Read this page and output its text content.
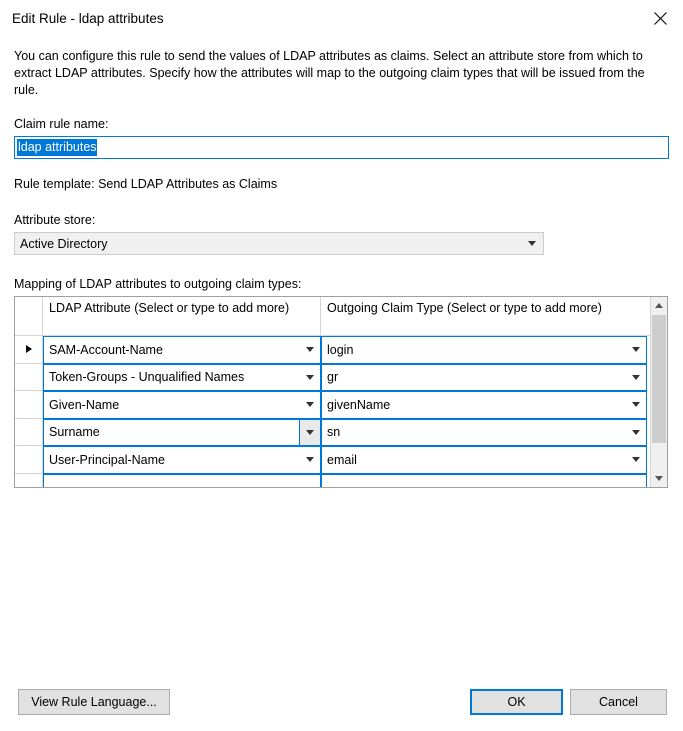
Edit Rule - ldap attributes

You can configure this rule to send the values of LDAP attributes as claims. Select an attribute store from which to extract LDAP attributes. Specify how the attributes will map to the outgoing claim types that will be issued from the rule.

Claim rule name:
ldap attributes
Rule template: Send LDAP Attributes as Claims
Attribute store:
Active Directory
Mapping of LDAP attributes to outgoing claim types:
LDAP Attribute (Select or type to add more)	Outgoing Claim Type (Select or type to add more)
SAM-Account-Name	login
Token-Groups - Unqualified Names	gr
Given-Name	givenName
Surname	sn
User-Principal-Name	email
View Rule Language...	OK	Cancel
